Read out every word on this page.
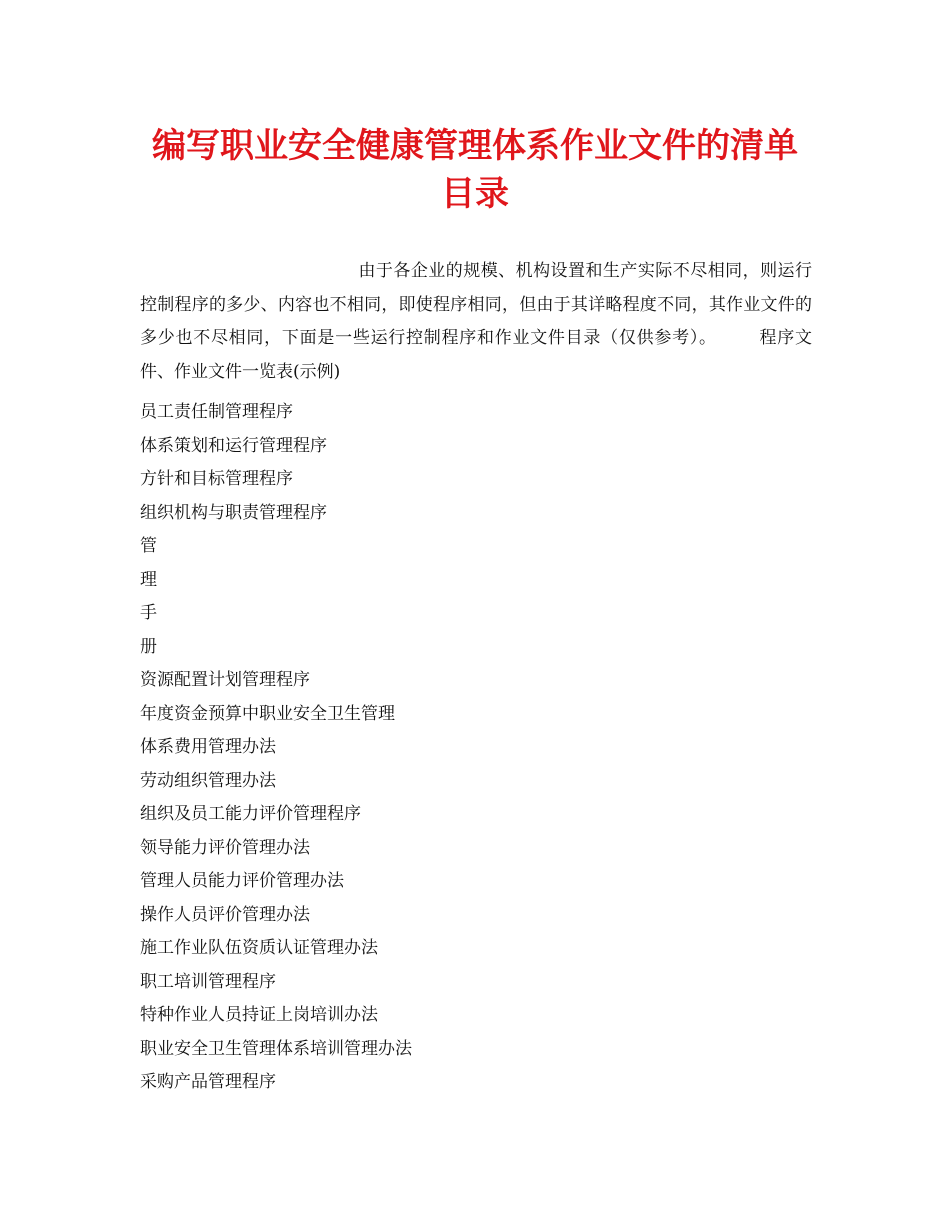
编写职业安全健康管理体系作业文件的清单目录

由于各企业的规模、机构设置和生产实际不尽相同，则运行控制程序的多少、内容也不相同，即使程序相同，但由于其详略程度不同，其作业文件的多少也不尽相同，下面是一些运行控制程序和作业文件目录（仅供参考）。 程序文件、作业文件一览表(示例)

员工责任制管理程序
体系策划和运行管理程序
方针和目标管理程序
组织机构与职责管理程序
管
理
手
册
资源配置计划管理程序
年度资金预算中职业安全卫生管理
体系费用管理办法
劳动组织管理办法
组织及员工能力评价管理程序
领导能力评价管理办法
管理人员能力评价管理办法
操作人员评价管理办法
施工作业队伍资质认证管理办法
职工培训管理程序
特种作业人员持证上岗培训办法
职业安全卫生管理体系培训管理办法
采购产品管理程序
